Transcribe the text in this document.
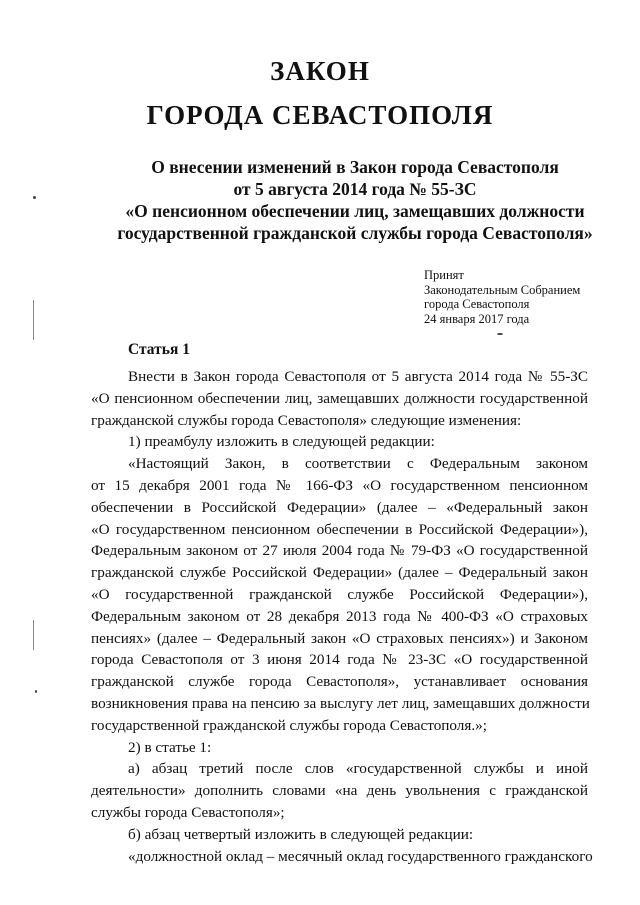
ЗАКОН
ГОРОДА СЕВАСТОПОЛЯ
О внесении изменений в Закон города Севастополя
от 5 августа 2014 года № 55-ЗС
«О пенсионном обеспечении лиц, замещавших должности
государственной гражданской службы города Севастополя»
Принят
Законодательным Собранием
города Севастополя
24 января 2017 года
Статья 1
Внести в Закон города Севастополя от 5 августа 2014 года № 55-ЗС
«О пенсионном обеспечении лиц, замещавших должности государственной
гражданской службы города Севастополя» следующие изменения:
1) преамбулу изложить в следующей редакции:
«Настоящий Закон, в соответствии с Федеральным законом
от 15 декабря 2001 года № 166-ФЗ «О государственном пенсионном
обеспечении в Российской Федерации» (далее – «Федеральный закон
«О государственном пенсионном обеспечении в Российской Федерации»),
Федеральным законом от 27 июля 2004 года № 79-ФЗ «О государственной
гражданской службе Российской Федерации» (далее – Федеральный закон
«О государственной гражданской службе Российской Федерации»),
Федеральным законом от 28 декабря 2013 года № 400-ФЗ «О страховых
пенсиях» (далее – Федеральный закон «О страховых пенсиях») и Законом
города Севастополя от 3 июня 2014 года № 23-ЗС «О государственной
гражданской службе города Севастополя», устанавливает основания
возникновения права на пенсию за выслугу лет лиц, замещавших должности
государственной гражданской службы города Севастополя.»;
2) в статье 1:
а) абзац третий после слов «государственной службы и иной
деятельности» дополнить словами «на день увольнения с гражданской
службы города Севастополя»;
б) абзац четвертый изложить в следующей редакции:
«должностной оклад – месячный оклад государственного гражданского
